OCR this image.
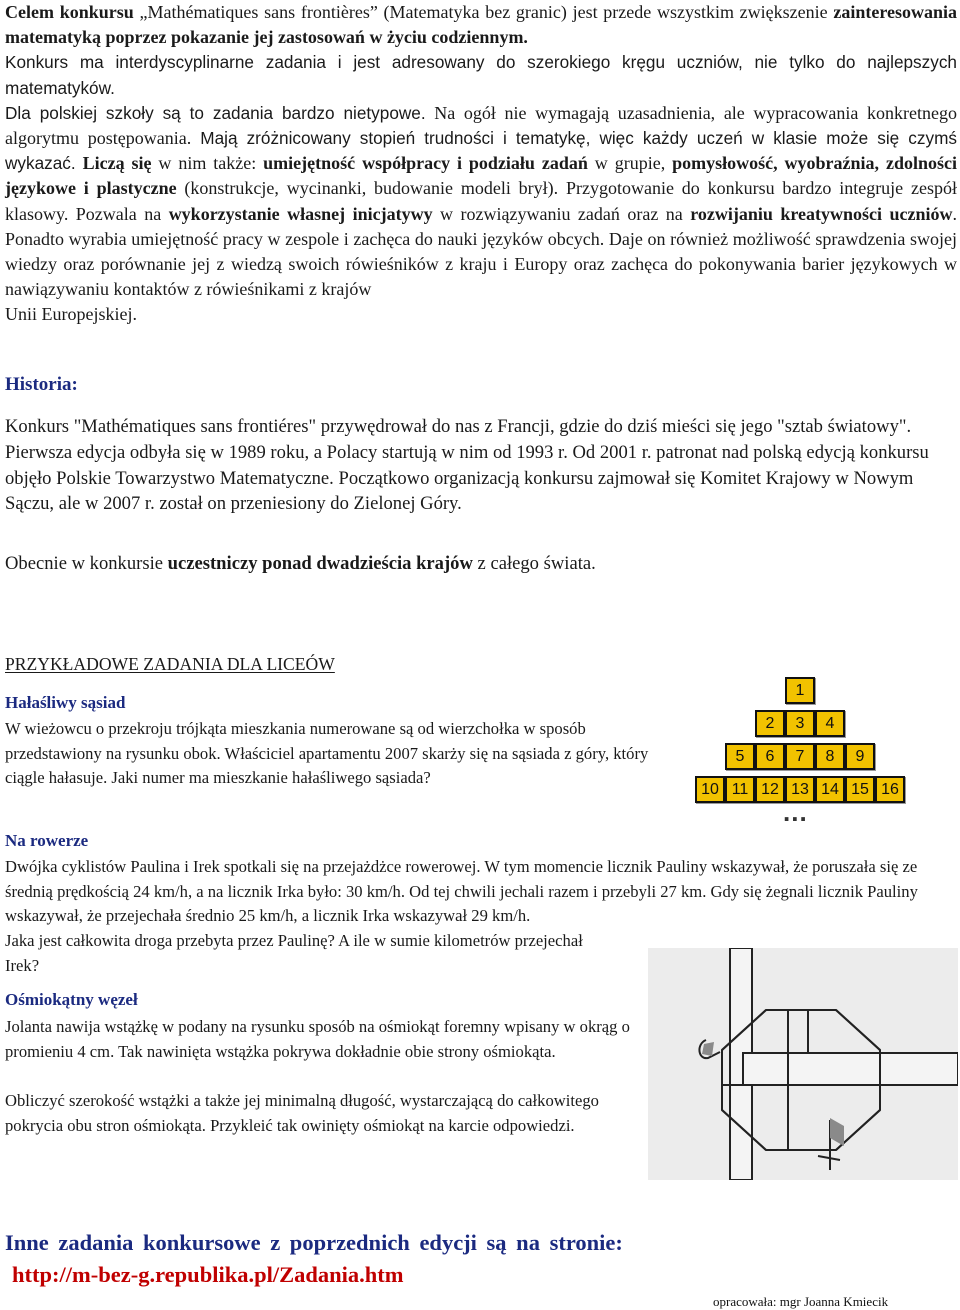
Celem konkursu „Mathématiques sans frontières” (Matematyka bez granic) jest przede wszystkim zwiększenie zainteresowania matematyką poprzez pokazanie jej zastosowań w życiu codziennym.

Konkurs ma interdyscyplinarne zadania i jest adresowany do szerokiego kręgu uczniów, nie tylko do najlepszych matematyków.

Dla polskiej szkoły są to zadania bardzo nietypowe. Na ogół nie wymagają uzasadnienia, ale wypracowania konkretnego algorytmu postępowania. Mają zróżnicowany stopień trudności i tematykę, więc każdy uczeń w klasie może się czymś wykazać. Liczą się w nim także: umiejętność współpracy i podziału zadań w grupie, pomysłowość, wyobraźnia, zdolności językowe i plastyczne (konstrukcje, wycinanki, budowanie modeli brył). Przygotowanie do konkursu bardzo integruje zespół klasowy. Pozwala na wykorzystanie własnej inicjatywy w rozwiązywaniu zadań oraz na rozwijaniu kreatywności uczniów. Ponadto wyrabia umiejętność pracy w zespole i zachęca do nauki języków obcych. Daje on również możliwość sprawdzenia swojej wiedzy oraz porównanie jej z wiedzą swoich rówieśników z kraju i Europy oraz zachęca do pokonywania barier językowych w nawiązywaniu kontaktów z rówieśnikami z krajów

Unii Europejskiej.

Historia:

Konkurs "Mathématiques sans frontiéres" przywędrował do nas z Francji, gdzie do dziś mieści się jego "sztab światowy". Pierwsza edycja odbyła się w 1989 roku, a Polacy startują w nim od 1993 r. Od 2001 r. patronat nad polską edycją konkursu objęło Polskie Towarzystwo Matematyczne. Początkowo organizacją konkursu zajmował się Komitet Krajowy w Nowym Sączu, ale w 2007 r. został on przeniesiony do Zielonej Góry.

Obecnie w konkursie uczestniczy ponad dwadzieścia krajów z całego świata.

PRZYKŁADOWE ZADANIA DLA LICEÓW
Hałaśliwy sąsiad

W wieżowcu o przekroju trójkąta mieszkania numerowane są od wierzchołka w sposób przedstawiony na rysunku obok. Właściciel apartamentu 2007 skarży się na sąsiada z góry, który ciągle hałasuje. Jaki numer ma mieszkanie hałaśliwego sąsiada?

Na rowerze

Dwójka cyklistów Paulina i Irek spotkali się na przejażdżce rowerowej. W tym momencie licznik Pauliny wskazywał, że poruszała się ze średnią prędkością 24 km/h, a na licznik Irka było: 30 km/h. Od tej chwili jechali razem i przebyli 27 km. Gdy się żegnali licznik Pauliny wskazywał, że przejechała średnio 25 km/h, a licznik Irka wskazywał 29 km/h.

Jaka jest całkowita droga przebyta przez Paulinę? A ile w sumie kilometrów przejechał Irek?

Ośmiokątny węzeł

Jolanta nawija wstążkę w podany na rysunku sposób na ośmiokąt foremny wpisany w okrąg o promieniu 4 cm. Tak nawinięta wstążka pokrywa dokładnie obie strony ośmiokąta.

Obliczyć szerokość wstążki a także jej minimalną długość, wystarczającą do całkowitego pokrycia obu stron ośmiokąta. Przykleić tak owinięty ośmiokąt na karcie odpowiedzi.

Inne zadania konkursowe z poprzednich edycji są na stronie:
http://m-bez-g.republika.pl/Zadania.htm
opracowała: mgr Joanna Kmiecik
1
2	3	4
5	6	7	8	9
10 11 12 13 14 15 16
...
